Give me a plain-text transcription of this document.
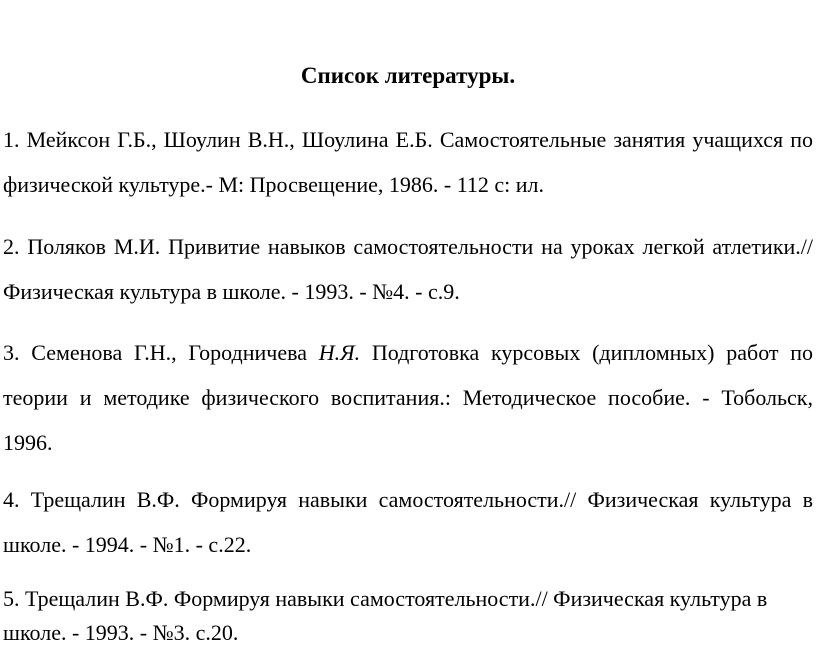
Список литературы.

1. Мейксон Г.Б., Шоулин В.Н., Шоулина Е.Б. Самостоятельные занятия учащихся по физической культуре.- М: Просвещение, 1986. - 112 с: ил.

2. Поляков М.И. Привитие навыков самостоятельности на уроках легкой атлетики.// Физическая культура в школе. - 1993. - №4. - с.9.

3. Семенова Г.Н., Городничева Н.Я. Подготовка курсовых (дипломных) работ по теории и методике физического воспитания.: Методическое пособие. - Тобольск, 1996.

4. Трещалин В.Ф. Формируя навыки самостоятельности.// Физическая культура в школе. - 1994. - №1. - с.22.

5. Трещалин В.Ф. Формируя навыки самостоятельности.// Физическая культура в школе. - 1993. - №3. с.20.
